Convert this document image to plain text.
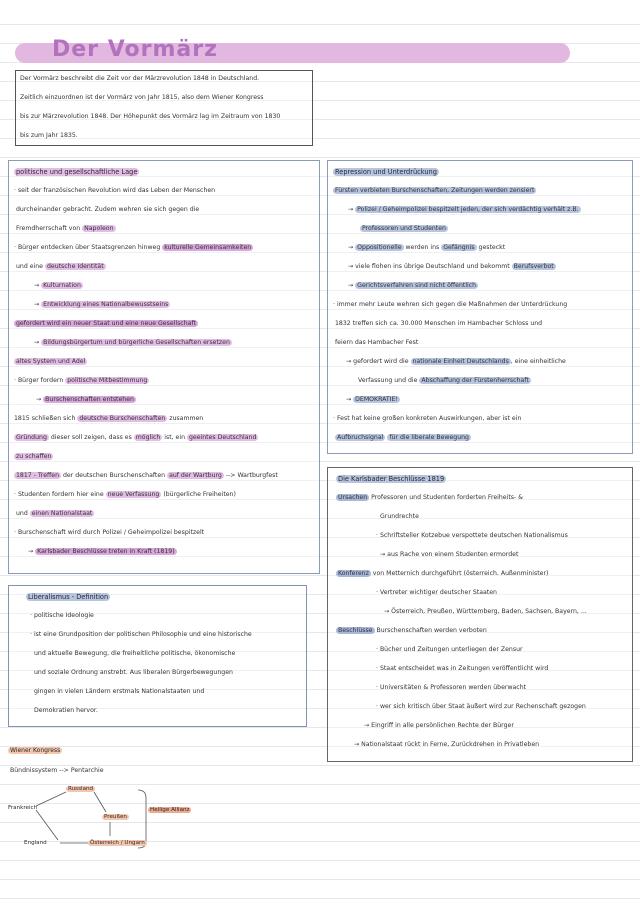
Der Vormärz
Der Vormärz beschreibt die Zeit vor der Märzrevolution 1848 in Deutschland.
Zeitlich einzuordnen ist der Vormärz von Jahr 1815, also dem Wiener Kongress
bis zur Märzrevolution 1848. Der Höhepunkt des Vormärz lag im Zeitraum von 1830
bis zum Jahr 1835.
politische und gesellschaftliche Lage
· seit der französischen Revolution wird das Leben der Menschen
durcheinander gebracht. Zudem wehren sie sich gegen die
Fremdherrschaft von Napoleon
· Bürger entdecken über Staatsgrenzen hinweg kulturelle Gemeinsamkeiten
und eine deutsche Identität
→ Kulturnation
→ Entwicklung eines Nationalbewusstseins
gefordert wird ein neuer Staat und eine neue Gesellschaft
→ Bildungsbürgertum und bürgerliche Gesellschaften ersetzen
altes System und Adel
· Bürger fordern politische Mitbestimmung
→ Burschenschaften entstehen
1815 schließen sich deutsche Burschenschaften zusammen
Gründung dieser soll zeigen, dass es möglich ist, ein geeintes Deutschland
zu schaffen
1817 - Treffen der deutschen Burschenschaften auf der Wartburg --> Wartburgfest
· Studenten fordern hier eine neue Verfassung (bürgerliche Freiheiten)
und einen Nationalstaat
· Burschenschaft wird durch Polizei / Geheimpolizei bespitzelt
→ Karlsbader Beschlüsse treten in Kraft (1819)
Repression und Unterdrückung
Fürsten verbieten Burschenschaften, Zeitungen werden zensiert
→ Polizei / Geheimpolizei bespitzelt jeden, der sich verdächtig verhält z.B.
Professoren und Studenten
→ Oppositionelle werden ins Gefängnis gesteckt
→ viele flohen ins übrige Deutschland und bekommt Berufsverbot
→ Gerichtsverfahren sind nicht öffentlich
· immer mehr Leute wehren sich gegen die Maßnahmen der Unterdrückung
1832 treffen sich ca. 30.000 Menschen im Hambacher Schloss und
feiern das Hambacher Fest
→ gefordert wird die nationale Einheit Deutschlands , eine einheitliche
Verfassung und die Abschaffung der Fürstenherrschaft
→ DEMOKRATIE!
· Fest hat keine großen konkreten Auswirkungen, aber ist ein
Aufbruchsignal für die liberale Bewegung
Die Karlsbader Beschlüsse 1819
Ursachen Professoren und Studenten forderten Freiheits- &
Grundrechte
· Schriftsteller Kotzebue verspottete deutschen Nationalismus
→ aus Rache von einem Studenten ermordet
Konferenz von Metternich durchgeführt (österreich. Außenminister)
· Vertreter wichtiger deutscher Staaten
→ Österreich, Preußen, Württemberg, Baden, Sachsen, Bayern, ...
Beschlüsse Burschenschaften werden verboten
· Bücher und Zeitungen unterliegen der Zensur
· Staat entscheidet was in Zeitungen veröffentlicht wird
· Universitäten & Professoren werden überwacht
· wer sich kritisch über Staat äußert wird zur Rechenschaft gezogen
→ Eingriff in alle persönlichen Rechte der Bürger
→ Nationalstaat rückt in Ferne, Zurückdrehen in Privatleben
Liberalismus - Definition
· politische Ideologie
· ist eine Grundposition der politischen Philosophie und eine historische
und aktuelle Bewegung, die freiheitliche politische, ökonomische
und soziale Ordnung anstrebt. Aus liberalen Bürgerbewegungen
gingen in vielen Ländern erstmals Nationalstaaten und
Demokratien hervor.
Wiener Kongress
Bündnissystem --> Pentarchie
Russland
Frankreich
Preußen
England	Österreich / Ungarn
Heilige Allianz
